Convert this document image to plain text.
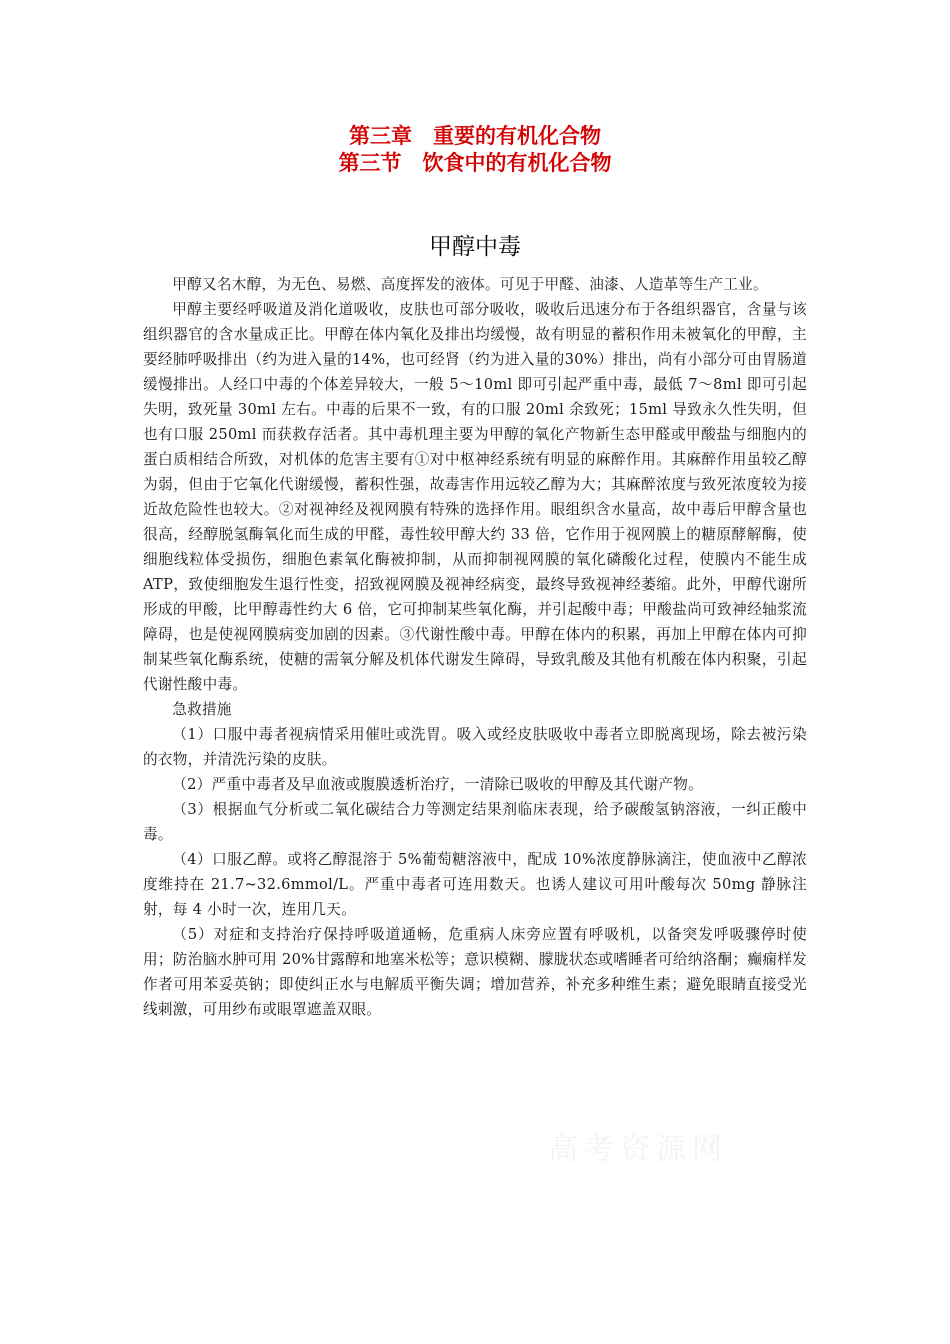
第三章　重要的有机化合物
第三节　饮食中的有机化合物
甲醇中毒

甲醇又名木醇，为无色、易燃、高度挥发的液体。可见于甲醛、油漆、人造革等生产工业。

甲醇主要经呼吸道及消化道吸收，皮肤也可部分吸收，吸收后迅速分布于各组织器官，含量与该组织器官的含水量成正比。甲醇在体内氧化及排出均缓慢，故有明显的蓄积作用未被氧化的甲醇，主要经肺呼吸排出（约为进入量的14%，也可经肾（约为进入量的30%）排出，尚有小部分可由胃肠道缓慢排出。人经口中毒的个体差异较大，一般 5～10ml 即可引起严重中毒，最低 7～8ml 即可引起失明，致死量 30ml 左右。中毒的后果不一致，有的口服 20ml 余致死；15ml 导致永久性失明，但也有口服 250ml 而获救存活者。其中毒机理主要为甲醇的氧化产物新生态甲醛或甲酸盐与细胞内的蛋白质相结合所致，对机体的危害主要有①对中枢神经系统有明显的麻醉作用。其麻醉作用虽较乙醇为弱，但由于它氧化代谢缓慢，蓄积性强，故毒害作用远较乙醇为大；其麻醉浓度与致死浓度较为接近故危险性也较大。②对视神经及视网膜有特殊的选择作用。眼组织含水量高，故中毒后甲醇含量也很高，经醇脱氢酶氧化而生成的甲醛，毒性较甲醇大约 33 倍，它作用于视网膜上的糖原酵解酶，使细胞线粒体受损伤，细胞色素氧化酶被抑制，从而抑制视网膜的氧化磷酸化过程，使膜内不能生成 ATP，致使细胞发生退行性变，招致视网膜及视神经病变，最终导致视神经萎缩。此外，甲醇代谢所形成的甲酸，比甲醇毒性约大 6 倍，它可抑制某些氧化酶，并引起酸中毒；甲酸盐尚可致神经轴浆流障碍，也是使视网膜病变加剧的因素。③代谢性酸中毒。甲醇在体内的积累，再加上甲醇在体内可抑制某些氧化酶系统，使糖的需氧分解及机体代谢发生障碍，导致乳酸及其他有机酸在体内积聚，引起代谢性酸中毒。

急救措施

（1）口服中毒者视病情采用催吐或洗胃。吸入或经皮肤吸收中毒者立即脱离现场，除去被污染的衣物，并清洗污染的皮肤。

（2）严重中毒者及早血液或腹膜透析治疗，一清除已吸收的甲醇及其代谢产物。

（3）根据血气分析或二氧化碳结合力等测定结果剂临床表现，给予碳酸氢钠溶液，一纠正酸中毒。

（4）口服乙醇。或将乙醇混溶于 5%葡萄糖溶液中，配成 10%浓度静脉滴注，使血液中乙醇浓度维持在 21.7~32.6mmol/L。严重中毒者可连用数天。也诱人建议可用叶酸每次 50mg 静脉注射，每 4 小时一次，连用几天。

（5）对症和支持治疗保持呼吸道通畅，危重病人床旁应置有呼吸机，以备突发呼吸骤停时使用；防治脑水肿可用 20%甘露醇和地塞米松等；意识模糊、朦胧状态或嗜睡者可给纳洛酮；癫痫样发作者可用苯妥英钠；即使纠正水与电解质平衡失调；增加营养，补充多种维生素；避免眼睛直接受光线刺激，可用纱布或眼罩遮盖双眼。

高考资源网
